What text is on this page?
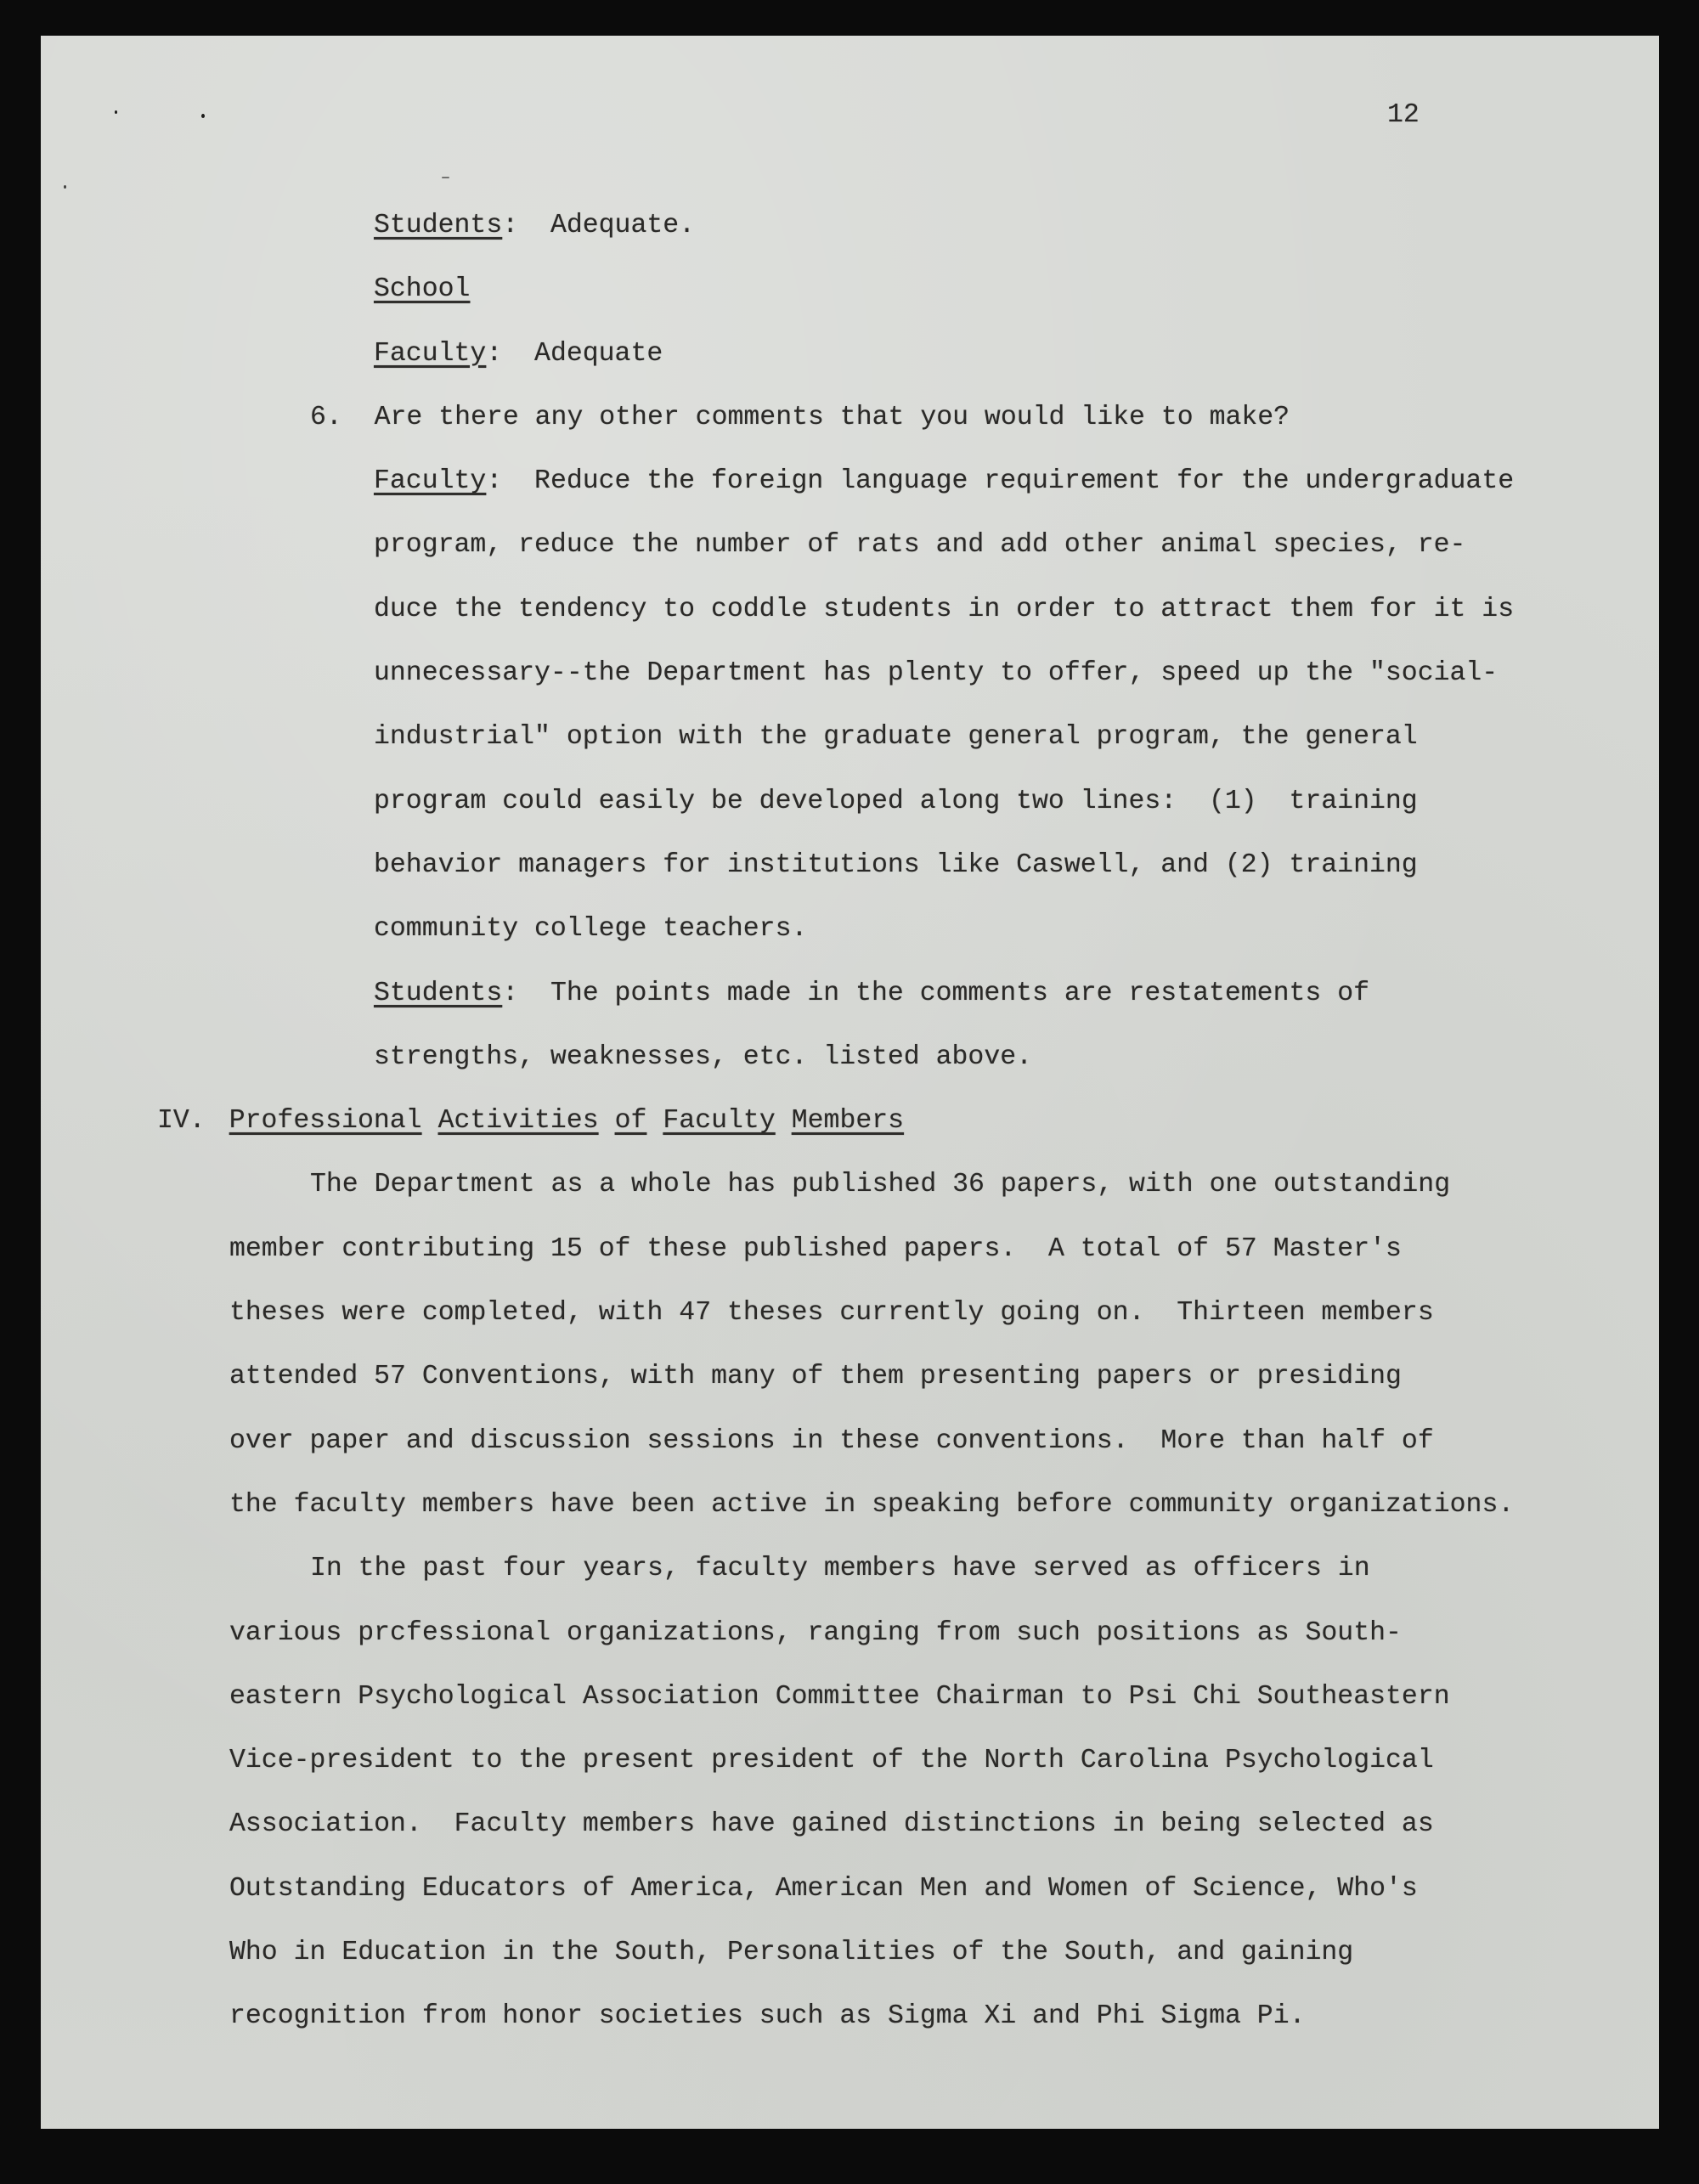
12
Students:  Adequate.
School
Faculty:  Adequate
6.  Are there any other comments that you would like to make?
Faculty:  Reduce the foreign language requirement for the undergraduate
program, reduce the number of rats and add other animal species, re-
duce the tendency to coddle students in order to attract them for it is
unnecessary--the Department has plenty to offer, speed up the "social-
industrial" option with the graduate general program, the general
program could easily be developed along two lines:  (1)  training
behavior managers for institutions like Caswell, and (2) training
community college teachers.
Students:  The points made in the comments are restatements of
strengths, weaknesses, etc. listed above.
IV. Professional Activities of Faculty Members
The Department as a whole has published 36 papers, with one outstanding
member contributing 15 of these published papers.  A total of 57 Master's
theses were completed, with 47 theses currently going on.  Thirteen members
attended 57 Conventions, with many of them presenting papers or presiding
over paper and discussion sessions in these conventions.  More than half of
the faculty members have been active in speaking before community organizations.
In the past four years, faculty members have served as officers in
various prcfessional organizations, ranging from such positions as South-
eastern Psychological Association Committee Chairman to Psi Chi Southeastern
Vice-president to the present president of the North Carolina Psychological
Association.  Faculty members have gained distinctions in being selected as
Outstanding Educators of America, American Men and Women of Science, Who's
Who in Education in the South, Personalities of the South, and gaining
recognition from honor societies such as Sigma Xi and Phi Sigma Pi.
